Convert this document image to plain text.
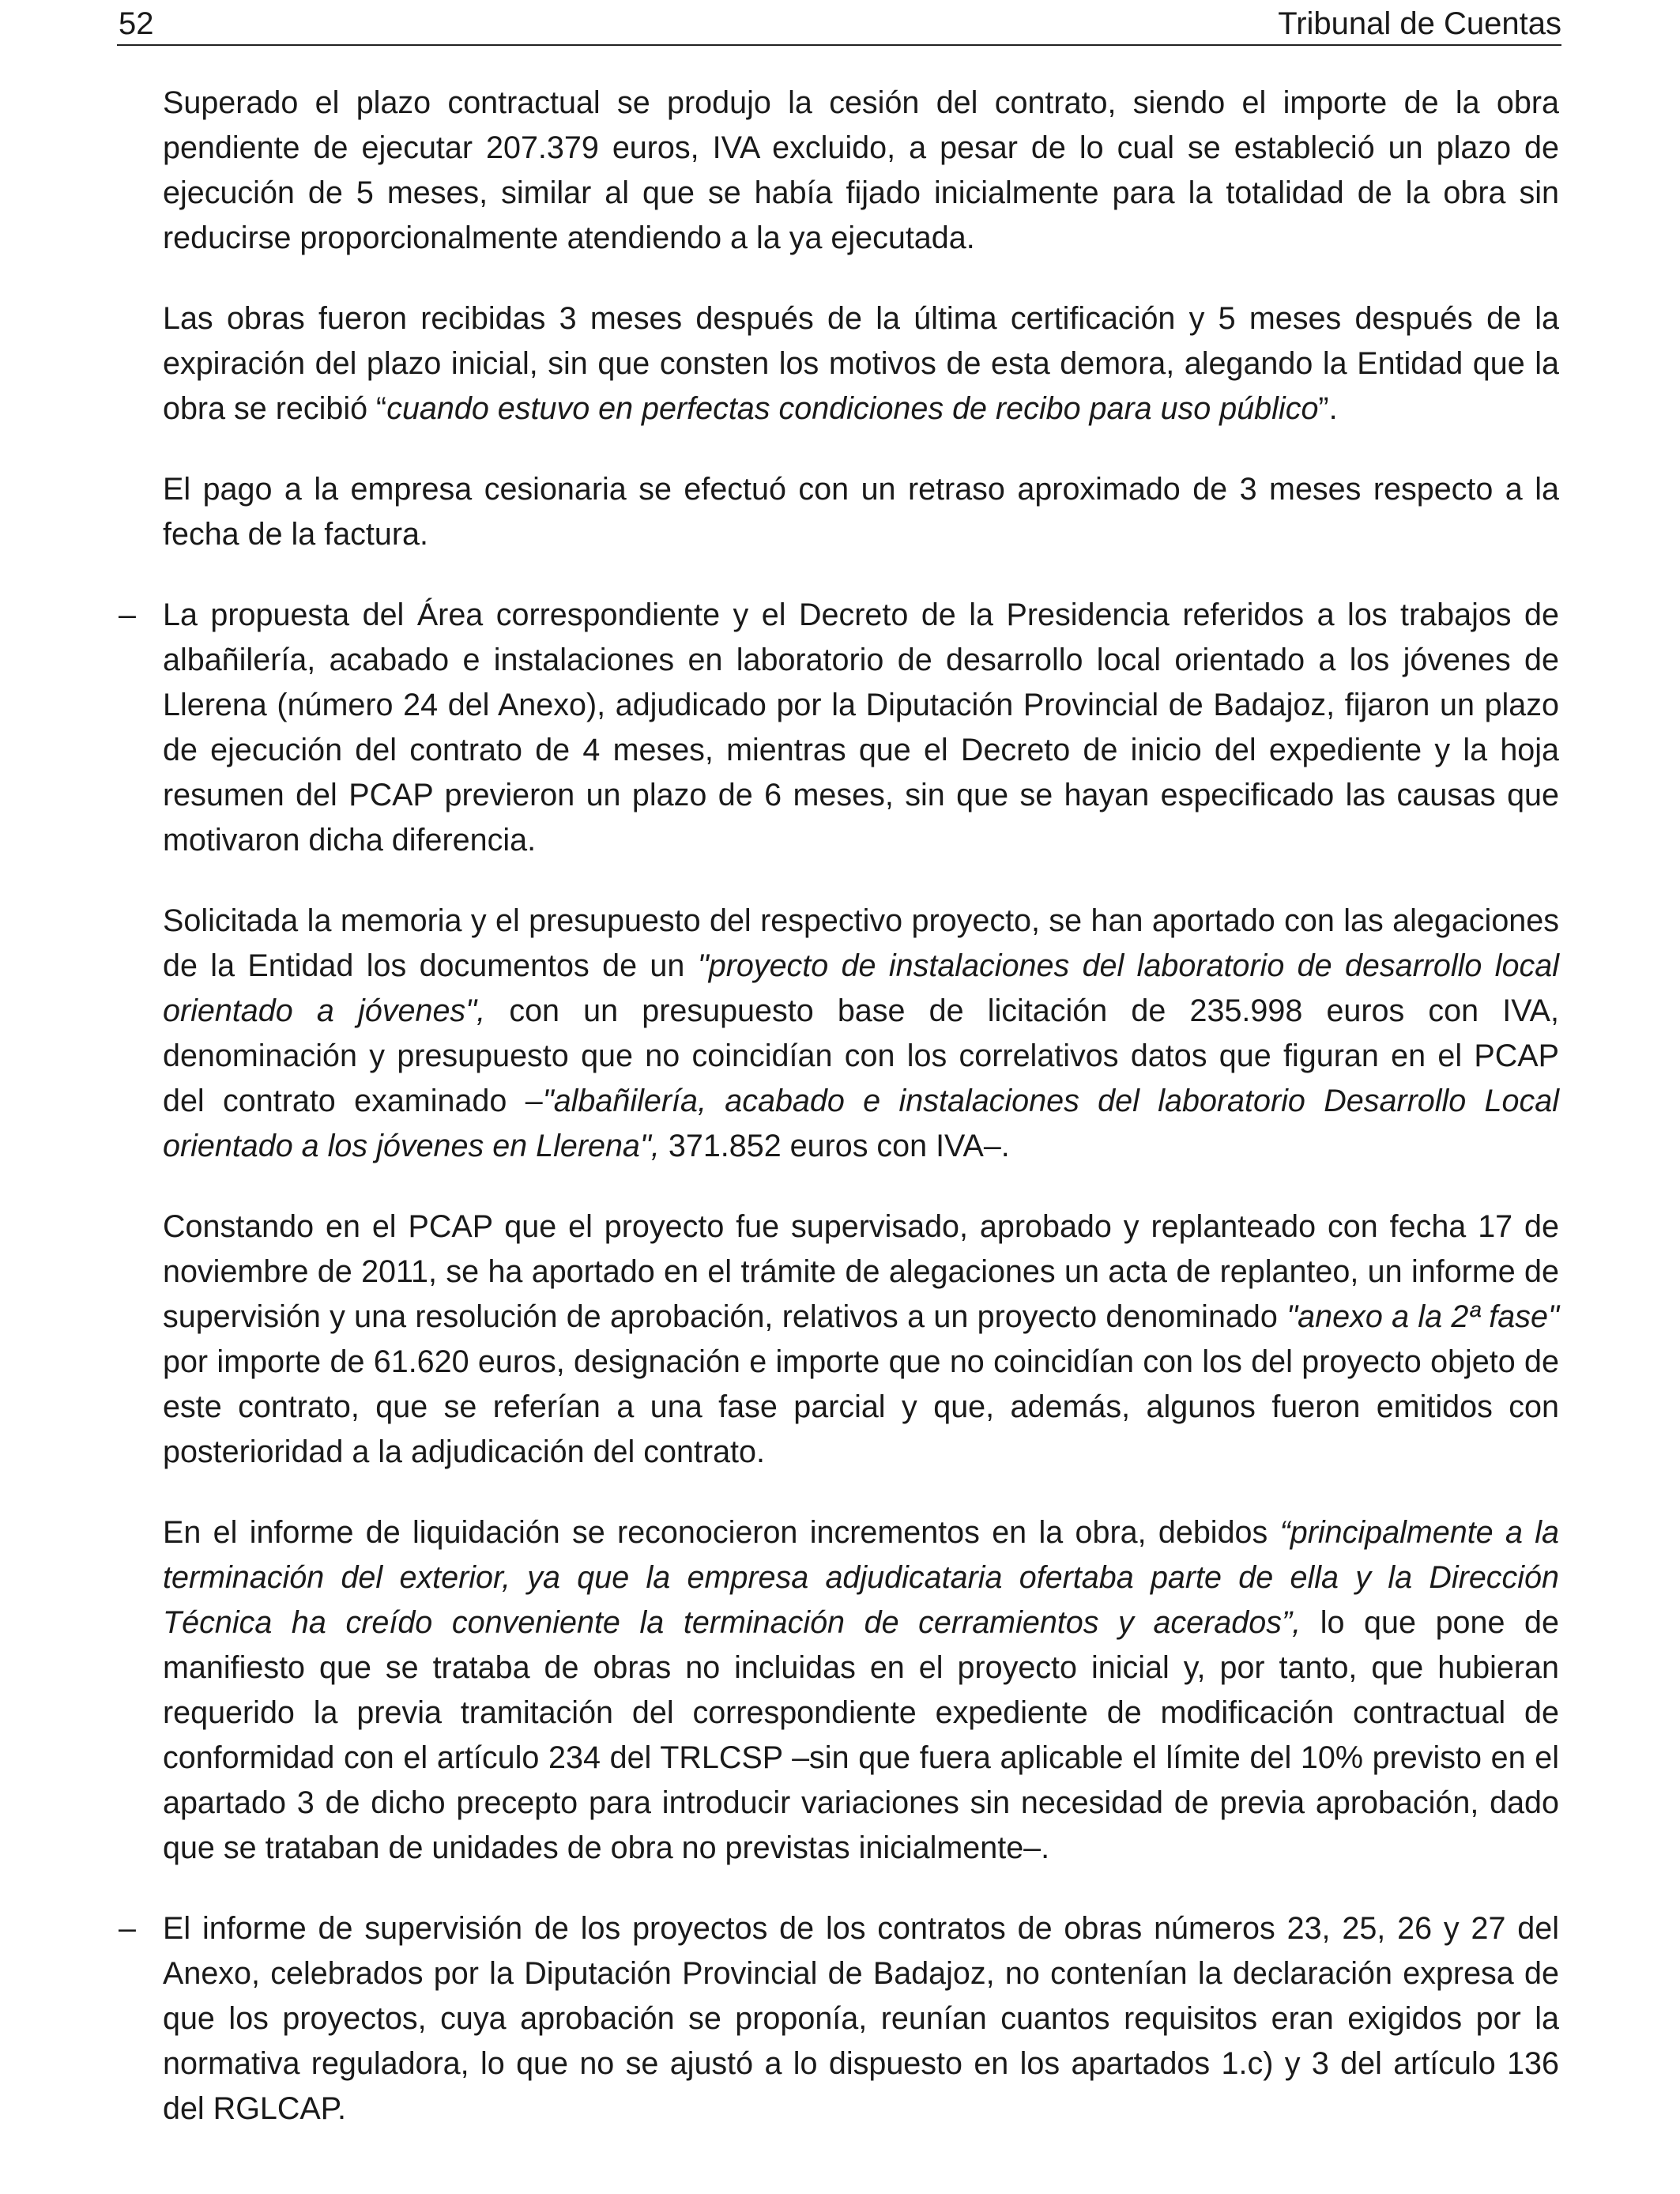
52	Tribunal de Cuentas

Superado el plazo contractual se produjo la cesión del contrato, siendo el importe de la obra pendiente de ejecutar 207.379 euros, IVA excluido, a pesar de lo cual se estableció un plazo de ejecución de 5 meses, similar al que se había fijado inicialmente para la totalidad de la obra sin reducirse proporcionalmente atendiendo a la ya ejecutada.

Las obras fueron recibidas 3 meses después de la última certificación y 5 meses después de la expiración del plazo inicial, sin que consten los motivos de esta demora, alegando la Entidad que la obra se recibió “cuando estuvo en perfectas condiciones de recibo para uso público”.

El pago a la empresa cesionaria se efectuó con un retraso aproximado de 3 meses respecto a la fecha de la factura.

– La propuesta del Área correspondiente y el Decreto de la Presidencia referidos a los trabajos de albañilería, acabado e instalaciones en laboratorio de desarrollo local orientado a los jóvenes de Llerena (número 24 del Anexo), adjudicado por la Diputación Provincial de Badajoz, fijaron un plazo de ejecución del contrato de 4 meses, mientras que el Decreto de inicio del expediente y la hoja resumen del PCAP previeron un plazo de 6 meses, sin que se hayan especificado las causas que motivaron dicha diferencia.

Solicitada la memoria y el presupuesto del respectivo proyecto, se han aportado con las alegaciones de la Entidad los documentos de un "proyecto de instalaciones del laboratorio de desarrollo local orientado a jóvenes", con un presupuesto base de licitación de 235.998 euros con IVA, denominación y presupuesto que no coincidían con los correlativos datos que figuran en el PCAP del contrato examinado –"albañilería, acabado e instalaciones del laboratorio Desarrollo Local orientado a los jóvenes en Llerena", 371.852 euros con IVA–.

Constando en el PCAP que el proyecto fue supervisado, aprobado y replanteado con fecha 17 de noviembre de 2011, se ha aportado en el trámite de alegaciones un acta de replanteo, un informe de supervisión y una resolución de aprobación, relativos a un proyecto denominado "anexo a la 2ª fase" por importe de 61.620 euros, designación e importe que no coincidían con los del proyecto objeto de este contrato, que se referían a una fase parcial y que, además, algunos fueron emitidos con posterioridad a la adjudicación del contrato.

En el informe de liquidación se reconocieron incrementos en la obra, debidos “principalmente a la terminación del exterior, ya que la empresa adjudicataria ofertaba parte de ella y la Dirección Técnica ha creído conveniente la terminación de cerramientos y acerados”, lo que pone de manifiesto que se trataba de obras no incluidas en el proyecto inicial y, por tanto, que hubieran requerido la previa tramitación del correspondiente expediente de modificación contractual de conformidad con el artículo 234 del TRLCSP –sin que fuera aplicable el límite del 10% previsto en el apartado 3 de dicho precepto para introducir variaciones sin necesidad de previa aprobación, dado que se trataban de unidades de obra no previstas inicialmente–.

– El informe de supervisión de los proyectos de los contratos de obras números 23, 25, 26 y 27 del Anexo, celebrados por la Diputación Provincial de Badajoz, no contenían la declaración expresa de que los proyectos, cuya aprobación se proponía, reunían cuantos requisitos eran exigidos por la normativa reguladora, lo que no se ajustó a lo dispuesto en los apartados 1.c) y 3 del artículo 136 del RGLCAP.
